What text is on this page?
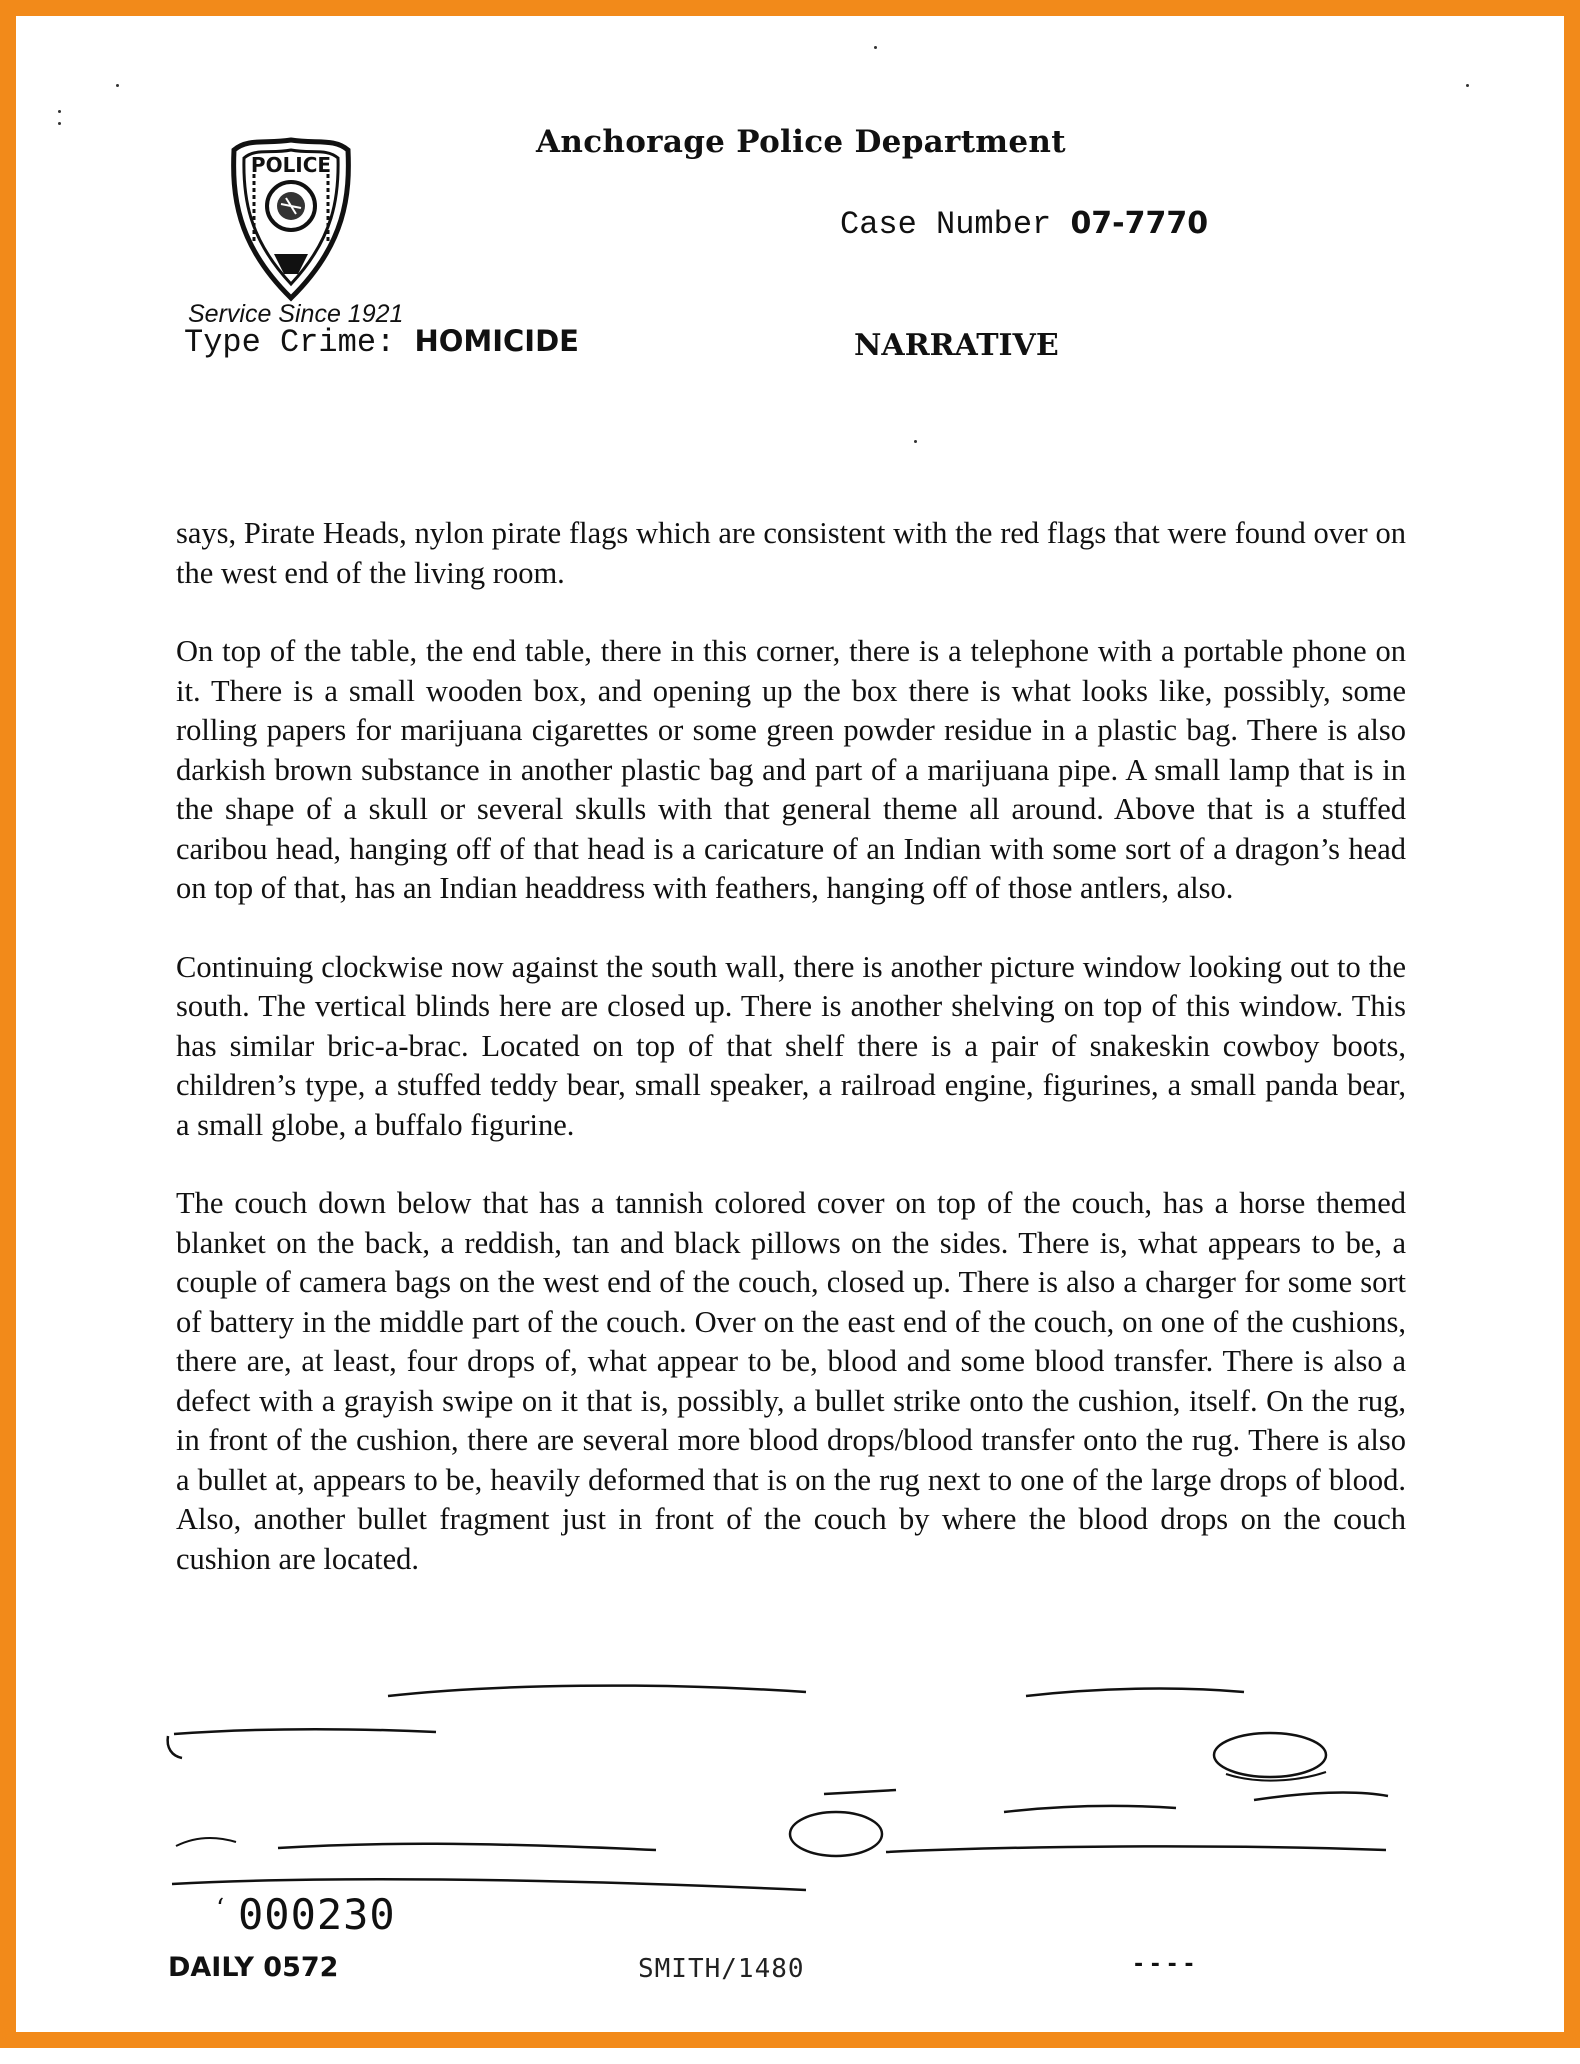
POLICE
Service Since 1921
Anchorage Police Department
Case Number 07-7770
Type Crime: HOMICIDE	NARRATIVE

says, Pirate Heads, nylon pirate flags which are consistent with the red flags that were found over on the west end of the living room.

On top of the table, the end table, there in this corner, there is a telephone with a portable phone on it. There is a small wooden box, and opening up the box there is what looks like, possibly, some rolling papers for marijuana cigarettes or some green powder residue in a plastic bag. There is also darkish brown substance in another plastic bag and part of a marijuana pipe. A small lamp that is in the shape of a skull or several skulls with that general theme all around. Above that is a stuffed caribou head, hanging off of that head is a caricature of an Indian with some sort of a dragon’s head on top of that, has an Indian headdress with feathers, hanging off of those antlers, also.

Continuing clockwise now against the south wall, there is another picture window looking out to the south. The vertical blinds here are closed up. There is another shelving on top of this window. This has similar bric-a-brac. Located on top of that shelf there is a pair of snakeskin cowboy boots, children’s type, a stuffed teddy bear, small speaker, a railroad engine, figurines, a small panda bear, a small globe, a buffalo figurine.

The couch down below that has a tannish colored cover on top of the couch, has a horse themed blanket on the back, a reddish, tan and black pillows on the sides. There is, what appears to be, a couple of camera bags on the west end of the couch, closed up. There is also a charger for some sort of battery in the middle part of the couch. Over on the east end of the couch, on one of the cushions, there are, at least, four drops of, what appear to be, blood and some blood transfer. There is also a defect with a grayish swipe on it that is, possibly, a bullet strike onto the cushion, itself. On the rug, in front of the cushion, there are several more blood drops/blood transfer onto the rug. There is also a bullet at, appears to be, heavily deformed that is on the rug next to one of the large drops of blood. Also, another bullet fragment just in front of the couch by where the blood drops on the couch cushion are located.

‘ 000230
DAILY 0572	SMITH/1480	- - - -
